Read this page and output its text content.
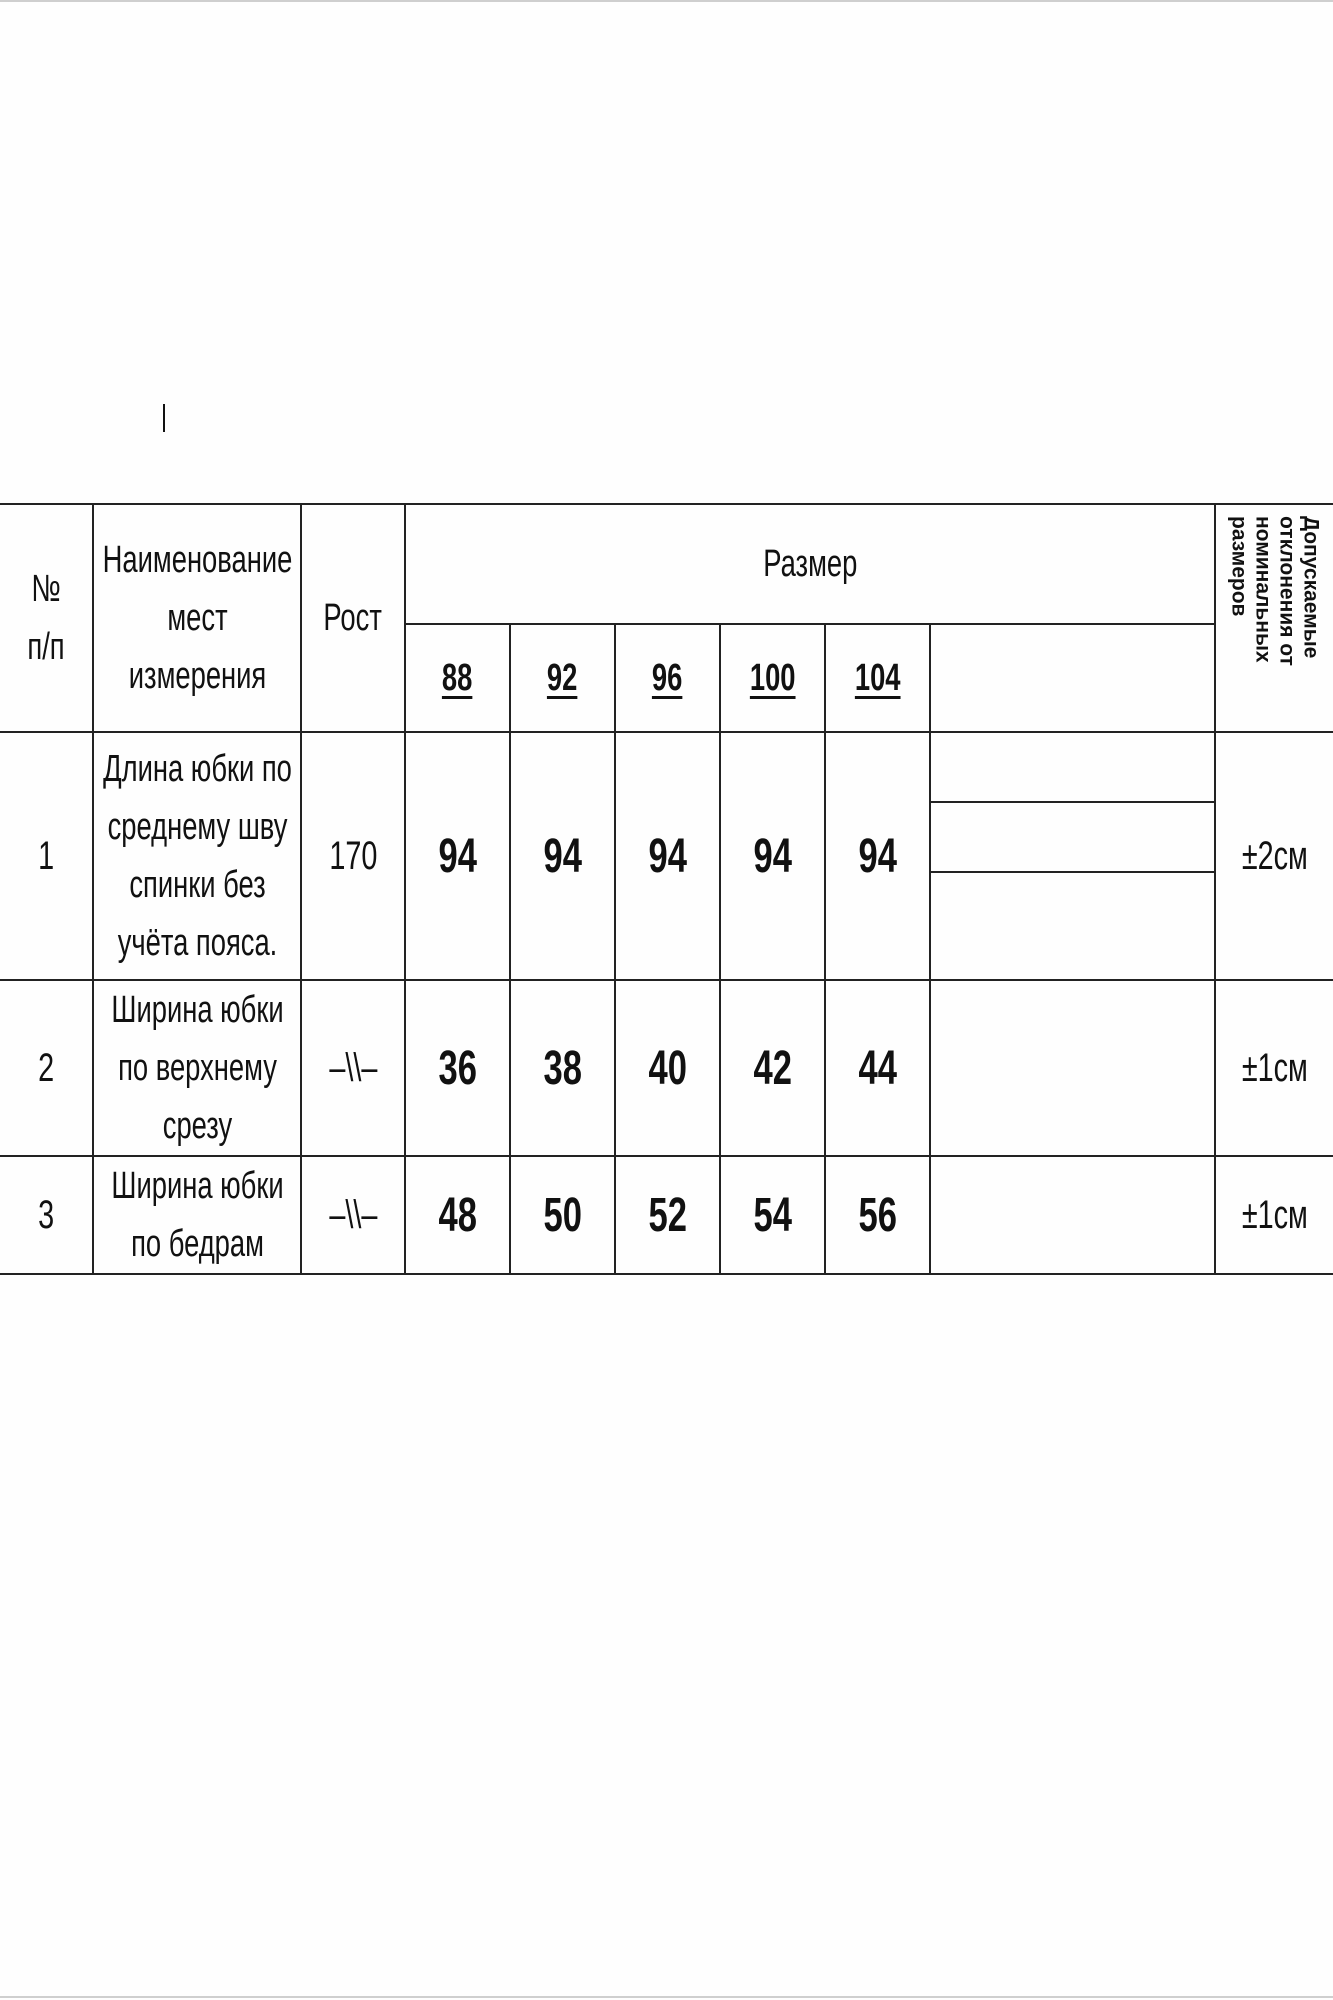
№ п/п	Наименование мест измерения	Рост	Размер						Допускаемые отклонения от номинальных размеров
			88	92	96	100	104		
1	Длина юбки по среднему шву спинки без учёта пояса.	170	94	94	94	94	94		±2см

2	Ширина юбки по верхнему срезу	–\\–	36	38	40	42	44		±1см
3	Ширина юбки по бедрам	–\\–	48	50	52	54	56		±1см
